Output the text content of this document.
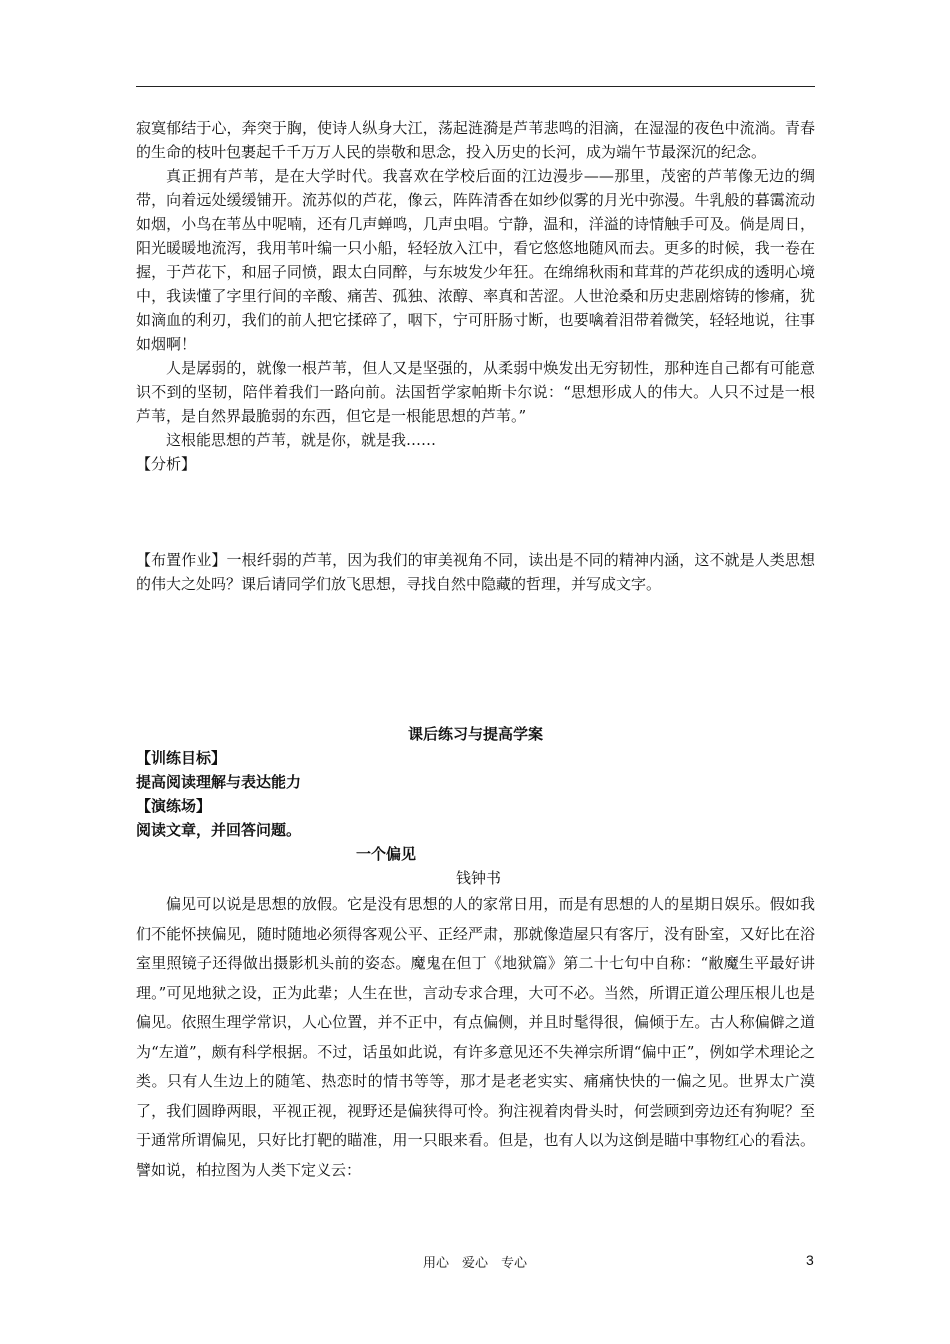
寂寞郁结于心，奔突于胸，使诗人纵身大江，荡起涟漪是芦苇悲鸣的泪滴，在湿湿的夜色中流淌。青春的生命的枝叶包裹起千千万万人民的崇敬和思念，投入历史的长河，成为端午节最深沉的纪念。
真正拥有芦苇，是在大学时代。我喜欢在学校后面的江边漫步——那里，茂密的芦苇像无边的绸带，向着远处缓缓铺开。流苏似的芦花，像云，阵阵清香在如纱似雾的月光中弥漫。牛乳般的暮霭流动如烟，小鸟在苇丛中呢喃，还有几声蝉鸣，几声虫唱。宁静，温和，洋溢的诗情触手可及。倘是周日，阳光暖暖地流泻，我用苇叶编一只小船，轻轻放入江中，看它悠悠地随风而去。更多的时候，我一卷在握，于芦花下，和屈子同愤，跟太白同醉，与东坡发少年狂。在绵绵秋雨和茸茸的芦花织成的透明心境中，我读懂了字里行间的辛酸、痛苦、孤独、浓醇、率真和苦涩。人世沧桑和历史悲剧熔铸的惨痛，犹如滴血的利刃，我们的前人把它揉碎了，咽下，宁可肝肠寸断，也要噙着泪带着微笑，轻轻地说，往事如烟啊！
人是孱弱的，就像一根芦苇，但人又是坚强的，从柔弱中焕发出无穷韧性，那种连自己都有可能意识不到的坚韧，陪伴着我们一路向前。法国哲学家帕斯卡尔说：“思想形成人的伟大。人只不过是一根芦苇，是自然界最脆弱的东西，但它是一根能思想的芦苇。”
这根能思想的芦苇，就是你，就是我……
【分析】
【布置作业】一根纤弱的芦苇，因为我们的审美视角不同，读出是不同的精神内涵，这不就是人类思想的伟大之处吗？课后请同学们放飞思想，寻找自然中隐藏的哲理，并写成文字。
课后练习与提高学案
【训练目标】
提高阅读理解与表达能力
【演练场】
阅读文章，并回答问题。
一个偏见
钱钟书
偏见可以说是思想的放假。它是没有思想的人的家常日用，而是有思想的人的星期日娱乐。假如我们不能怀挟偏见，随时随地必须得客观公平、正经严肃，那就像造屋只有客厅，没有卧室，又好比在浴室里照镜子还得做出摄影机头前的姿态。魔鬼在但丁《地狱篇》第二十七句中自称：“敝魔生平最好讲理。”可见地狱之设，正为此辈；人生在世，言动专求合理，大可不必。当然，所谓正道公理压根儿也是偏见。依照生理学常识，人心位置，并不正中，有点偏侧，并且时髦得很，偏倾于左。古人称偏僻之道为“左道”，颇有科学根据。不过，话虽如此说，有许多意见还不失禅宗所谓“偏中正”，例如学术理论之类。只有人生边上的随笔、热恋时的情书等等，那才是老老实实、痛痛快快的一偏之见。世界太广漠了，我们圆睁两眼，平视正视，视野还是偏狭得可怜。狗注视着肉骨头时，何尝顾到旁边还有狗呢？至于通常所谓偏见，只好比打靶的瞄准，用一只眼来看。但是，也有人以为这倒是瞄中事物红心的看法。譬如说，柏拉图为人类下定义云：
用心　爱心　专心	3
